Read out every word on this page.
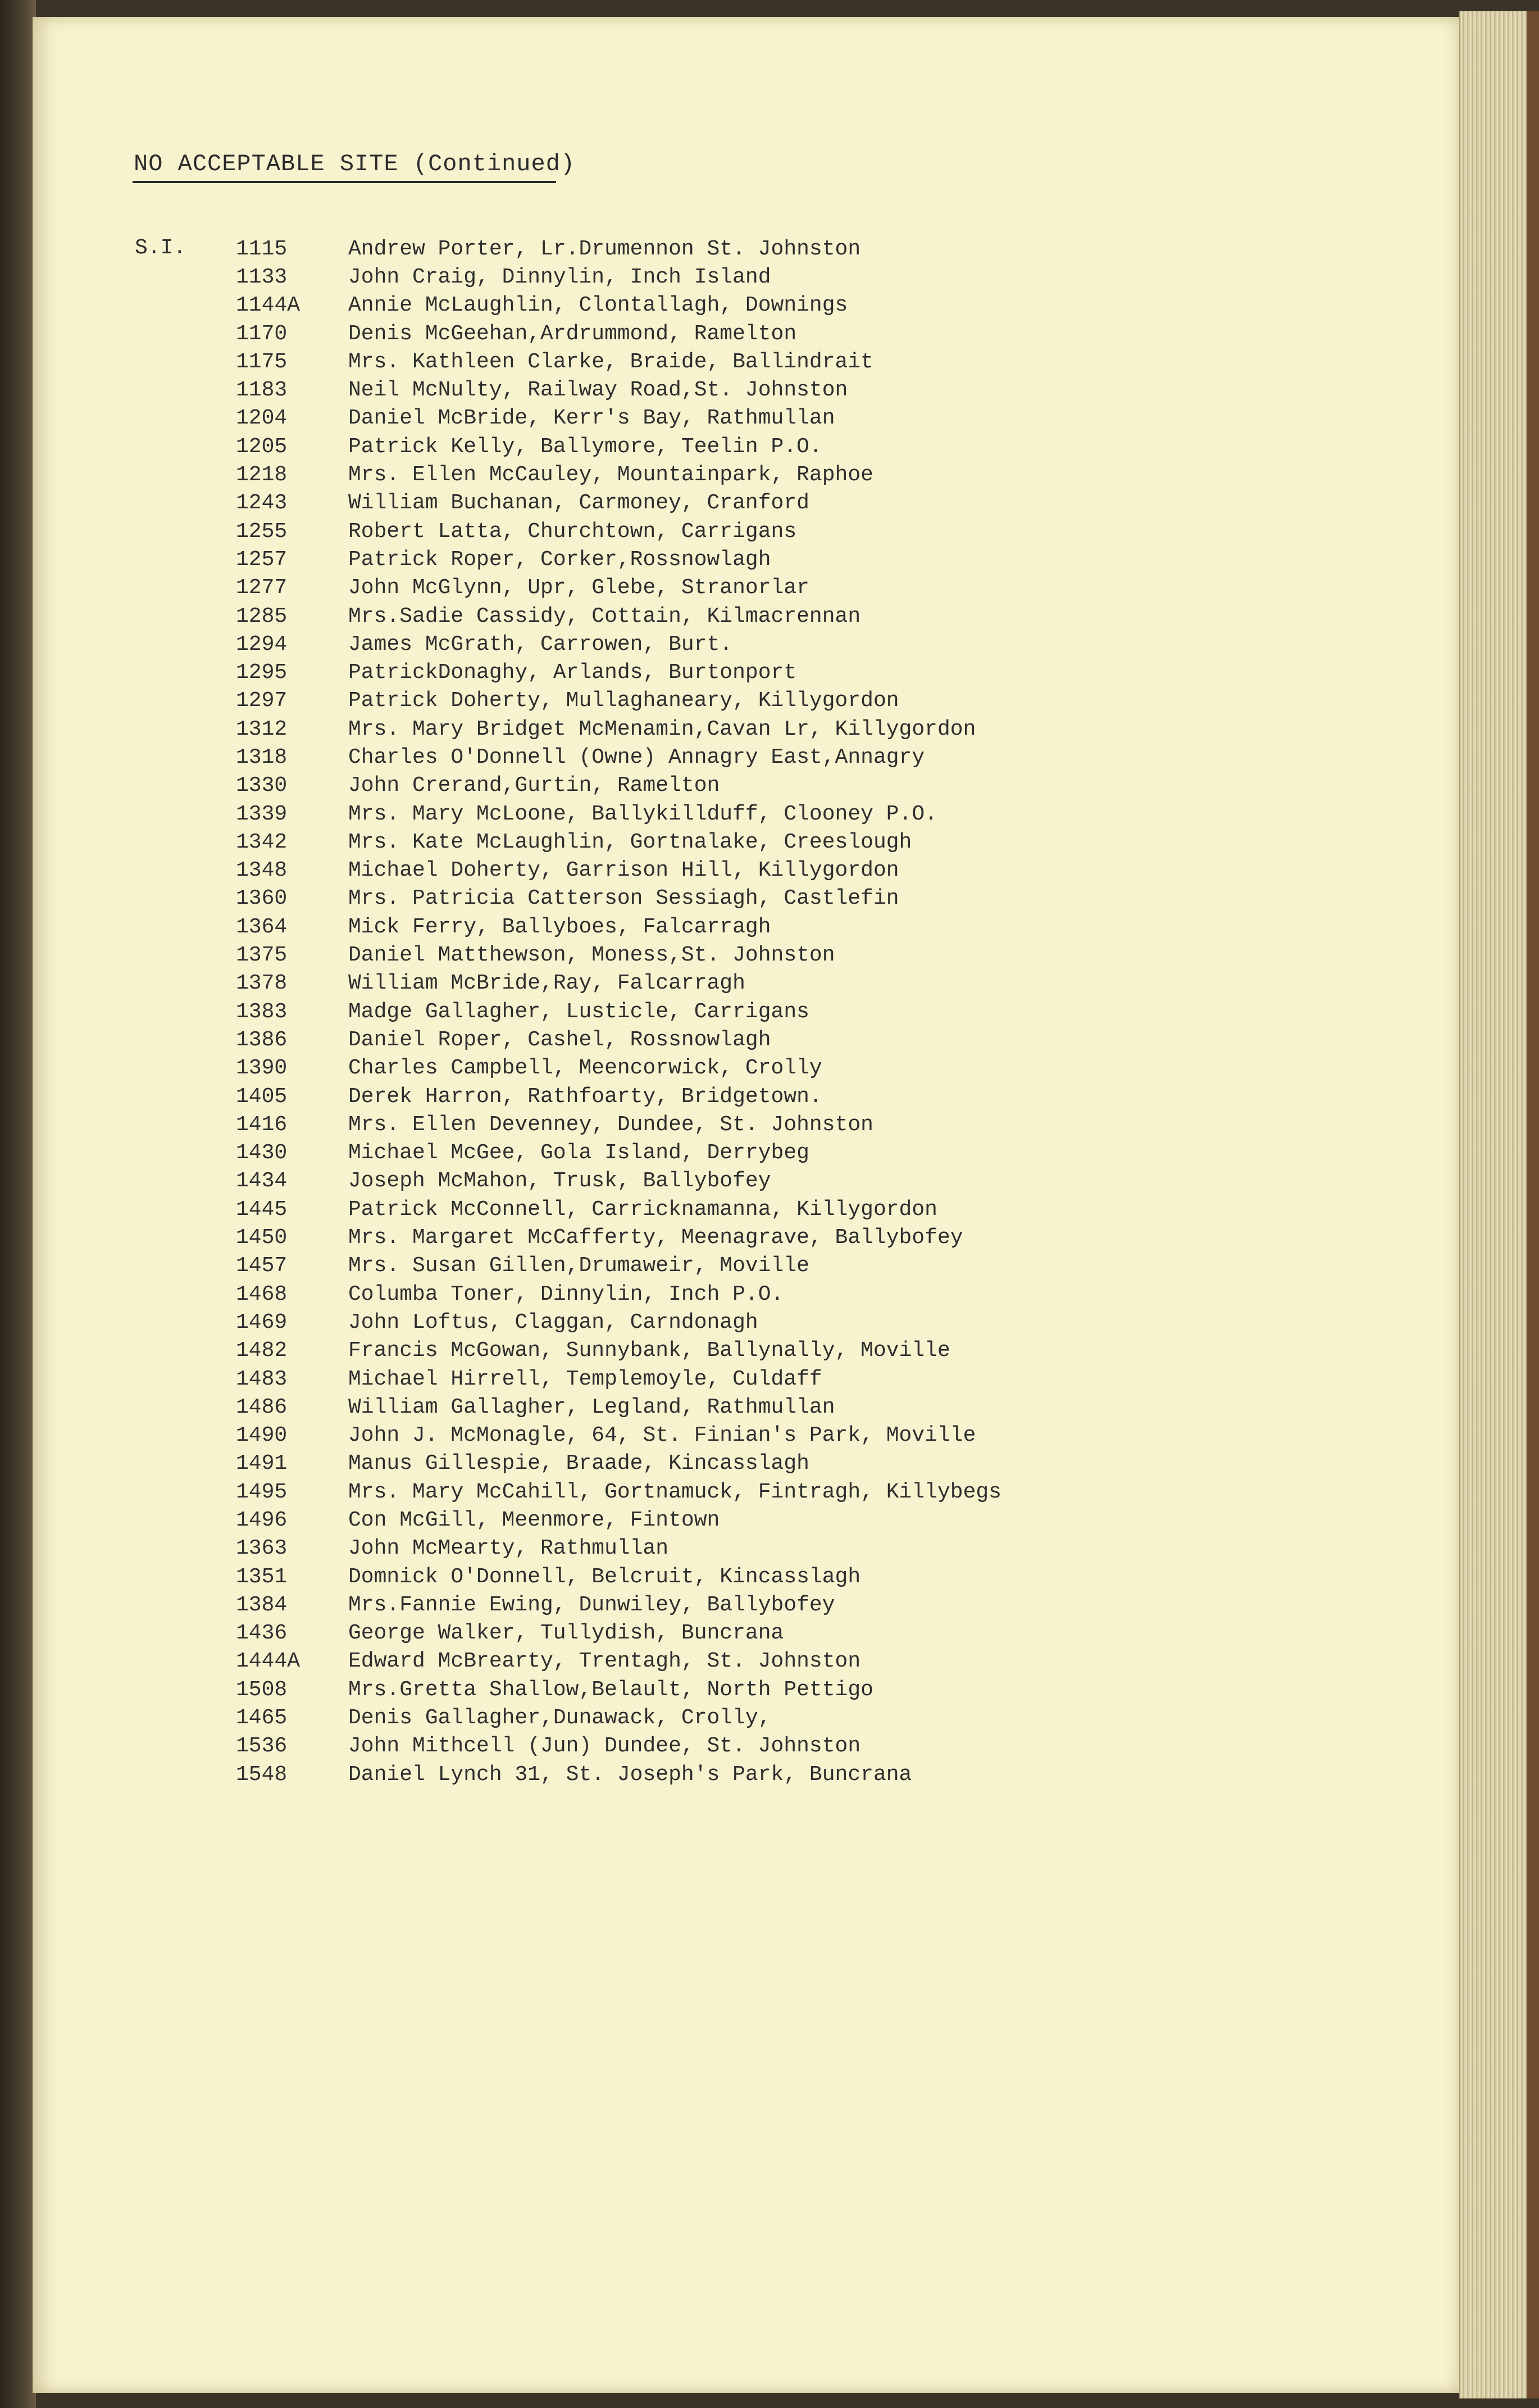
NO ACCEPTABLE SITE (Continued)
S.I. 1115	Andrew Porter, Lr.Drumennon St. Johnston
1133	John Craig, Dinnylin, Inch Island
1144A	Annie McLaughlin, Clontallagh, Downings
1170	Denis McGeehan,Ardrummond, Ramelton
1175	Mrs. Kathleen Clarke, Braide, Ballindrait
1183	Neil McNulty, Railway Road,St. Johnston
1204	Daniel McBride, Kerr's Bay, Rathmullan
1205	Patrick Kelly, Ballymore, Teelin P.O.
1218	Mrs. Ellen McCauley, Mountainpark, Raphoe
1243	William Buchanan, Carmoney, Cranford
1255	Robert Latta, Churchtown, Carrigans
1257	Patrick Roper, Corker,Rossnowlagh
1277	John McGlynn, Upr, Glebe, Stranorlar
1285	Mrs.Sadie Cassidy, Cottain, Kilmacrennan
1294	James McGrath, Carrowen, Burt.
1295	PatrickDonaghy, Arlands, Burtonport
1297	Patrick Doherty, Mullaghaneary, Killygordon
1312	Mrs. Mary Bridget McMenamin,Cavan Lr, Killygordon
1318	Charles O'Donnell (Owne) Annagry East,Annagry
1330	John Crerand,Gurtin, Ramelton
1339	Mrs. Mary McLoone, Ballykillduff, Clooney P.O.
1342	Mrs. Kate McLaughlin, Gortnalake, Creeslough
1348	Michael Doherty, Garrison Hill, Killygordon
1360	Mrs. Patricia Catterson Sessiagh, Castlefin
1364	Mick Ferry, Ballyboes, Falcarragh
1375	Daniel Matthewson, Moness,St. Johnston
1378	William McBride,Ray, Falcarragh
1383	Madge Gallagher, Lusticle, Carrigans
1386	Daniel Roper, Cashel, Rossnowlagh
1390	Charles Campbell, Meencorwick, Crolly
1405	Derek Harron, Rathfoarty, Bridgetown.
1416	Mrs. Ellen Devenney, Dundee, St. Johnston
1430	Michael McGee, Gola Island, Derrybeg
1434	Joseph McMahon, Trusk, Ballybofey
1445	Patrick McConnell, Carricknamanna, Killygordon
1450	Mrs. Margaret McCafferty, Meenagrave, Ballybofey
1457	Mrs. Susan Gillen,Drumaweir, Moville
1468	Columba Toner, Dinnylin, Inch P.O.
1469	John Loftus, Claggan, Carndonagh
1482	Francis McGowan, Sunnybank, Ballynally, Moville
1483	Michael Hirrell, Templemoyle, Culdaff
1486	William Gallagher, Legland, Rathmullan
1490	John J. McMonagle, 64, St. Finian's Park, Moville
1491	Manus Gillespie, Braade, Kincasslagh
1495	Mrs. Mary McCahill, Gortnamuck, Fintragh, Killybegs
1496	Con McGill, Meenmore, Fintown
1363	John McMearty, Rathmullan
1351	Domnick O'Donnell, Belcruit, Kincasslagh
1384	Mrs.Fannie Ewing, Dunwiley, Ballybofey
1436	George Walker, Tullydish, Buncrana
1444A	Edward McBrearty, Trentagh, St. Johnston
1508	Mrs.Gretta Shallow,Belault, North Pettigo
1465	Denis Gallagher,Dunawack, Crolly,
1536	John Mithcell (Jun) Dundee, St. Johnston
1548	Daniel Lynch 31, St. Joseph's Park, Buncrana
